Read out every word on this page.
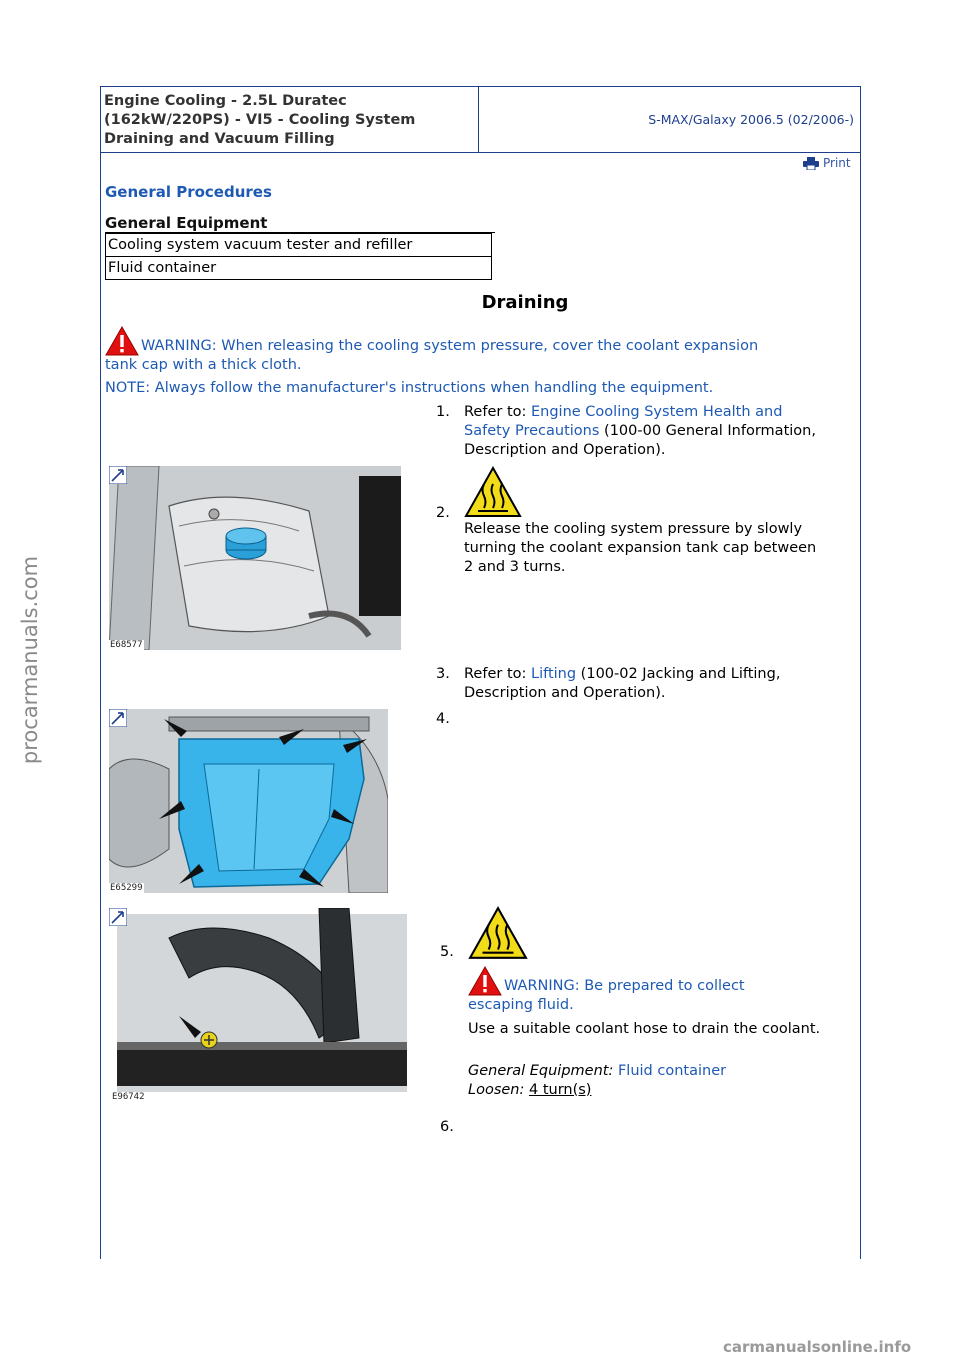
Engine Cooling - 2.5L Duratec
(162kW/220PS) - VI5 - Cooling System
Draining and Vacuum Filling
S-MAX/Galaxy 2006.5 (02/2006-)
Print
General Procedures
General Equipment
Cooling system vacuum tester and refiller
Fluid container
Draining
WARNING: When releasing the cooling system pressure, cover the coolant expansion
tank cap with a thick cloth.
NOTE: Always follow the manufacturer's instructions when handling the equipment.
1. Refer to: Engine Cooling System Health and
Safety Precautions (100-00 General Information,
Description and Operation).
E68577
2.
Release the cooling system pressure by slowly
turning the coolant expansion tank cap between
2 and 3 turns.
3. Refer to: Lifting (100-02 Jacking and Lifting,
Description and Operation).
E65299
4.
E96742
5.
WARNING: Be prepared to collect
escaping fluid.
Use a suitable coolant hose to drain the coolant.
General Equipment: Fluid container
Loosen: 4 turn(s)
6.
procarmanuals.com
carmanualsonline.info
